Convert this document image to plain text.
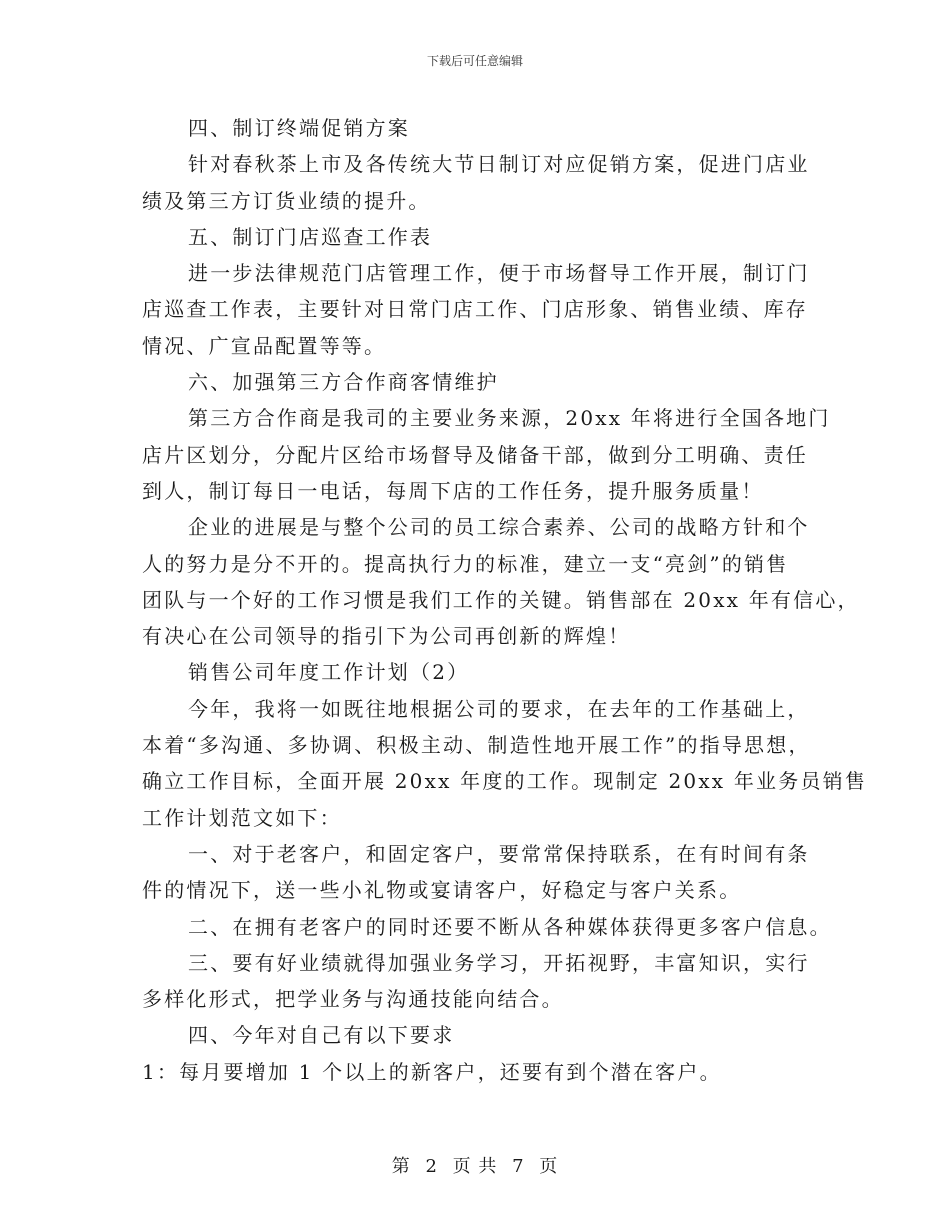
下载后可任意编辑
四、制订终端促销方案
针对春秋茶上市及各传统大节日制订对应促销方案，促进门店业
绩及第三方订货业绩的提升。
五、制订门店巡查工作表
进一步法律规范门店管理工作，便于市场督导工作开展，制订门
店巡查工作表，主要针对日常门店工作、门店形象、销售业绩、库存
情况、广宣品配置等等。
六、加强第三方合作商客情维护
第三方合作商是我司的主要业务来源，20xx 年将进行全国各地门
店片区划分，分配片区给市场督导及储备干部，做到分工明确、责任
到人，制订每日一电话，每周下店的工作任务，提升服务质量！
企业的进展是与整个公司的员工综合素养、公司的战略方针和个
人的努力是分不开的。提高执行力的标准，建立一支“亮剑”的销售
团队与一个好的工作习惯是我们工作的关键。销售部在 20xx 年有信心，
有决心在公司领导的指引下为公司再创新的辉煌！
销售公司年度工作计划（2）
今年，我将一如既往地根据公司的要求，在去年的工作基础上，
本着“多沟通、多协调、积极主动、制造性地开展工作”的指导思想，
确立工作目标，全面开展 20xx 年度的工作。现制定 20xx 年业务员销售
工作计划范文如下：
一、对于老客户，和固定客户，要常常保持联系，在有时间有条
件的情况下，送一些小礼物或宴请客户，好稳定与客户关系。
二、在拥有老客户的同时还要不断从各种媒体获得更多客户信息。
三、要有好业绩就得加强业务学习，开拓视野，丰富知识，实行
多样化形式，把学业务与沟通技能向结合。
四、今年对自己有以下要求
1：每月要增加 1 个以上的新客户，还要有到个潜在客户。
第 2 页 共 7 页
